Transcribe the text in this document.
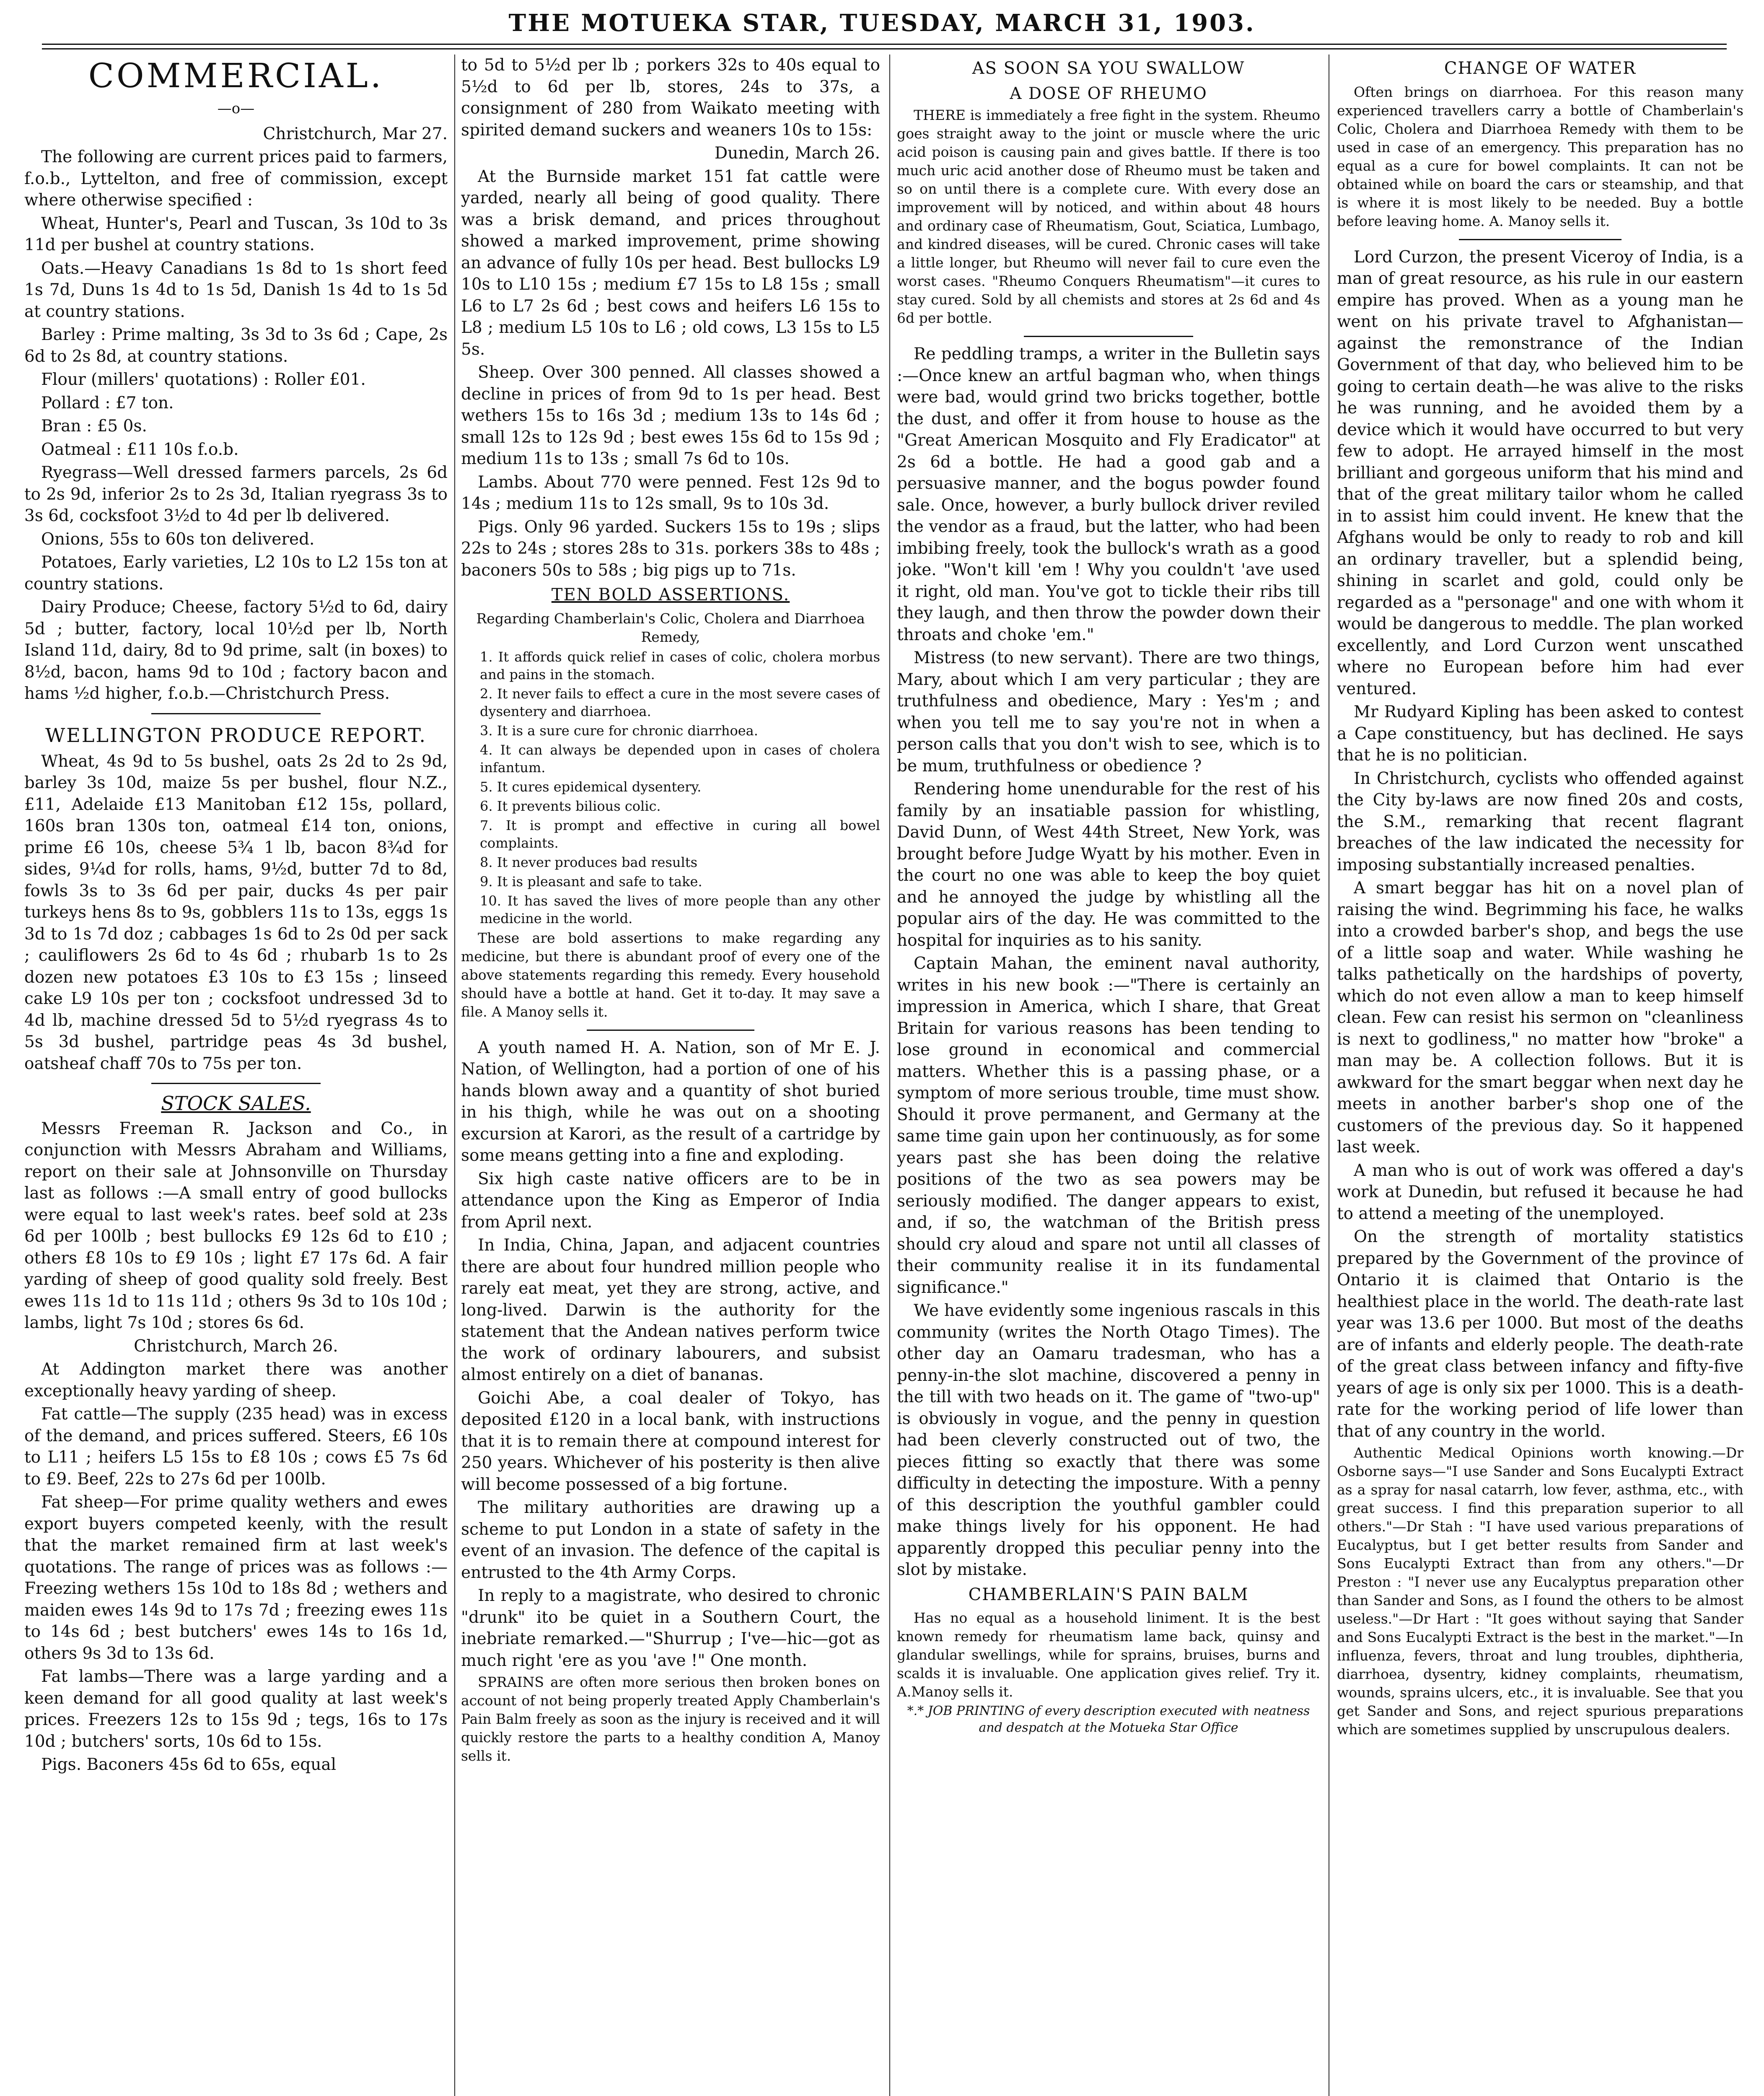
THE MOTUEKA STAR, TUESDAY, MARCH 31, 1903.
COMMERCIAL.
—o—

Christchurch, Mar 27.

The following are current prices paid to farmers, f.o.b., Lyttelton, and free of commission, except where otherwise specified :

Wheat, Hunter's, Pearl and Tuscan, 3s 10d to 3s 11d per bushel at country stations.

Oats.—Heavy Canadians 1s 8d to 1s short feed 1s 7d, Duns 1s 4d to 1s 5d, Danish 1s 4d to 1s 5d at country stations.

Barley : Prime malting, 3s 3d to 3s 6d ; Cape, 2s 6d to 2s 8d, at country stations.

Flour (millers' quotations) : Roller £01.

Pollard : £7 ton.

Bran : £5 0s.

Oatmeal : £11 10s f.o.b.

Ryegrass—Well dressed farmers parcels, 2s 6d to 2s 9d, inferior 2s to 2s 3d, Italian ryegrass 3s to 3s 6d, cocksfoot 3½d to 4d per lb delivered.

Onions, 55s to 60s ton delivered.

Potatoes, Early varieties, L2 10s to L2 15s ton at country stations.

Dairy Produce; Cheese, factory 5½d to 6d, dairy 5d ; butter, factory, local 10½d per lb, North Island 11d, dairy, 8d to 9d prime, salt (in boxes) to 8½d, bacon, hams 9d to 10d ; factory bacon and hams ½d higher, f.o.b.—Christchurch Press.

WELLINGTON PRODUCE REPORT.

Wheat, 4s 9d to 5s bushel, oats 2s 2d to 2s 9d, barley 3s 10d, maize 5s per bushel, flour N.Z., £11, Adelaide £13 Manitoban £12 15s, pollard, 160s bran 130s ton, oatmeal £14 ton, onions, prime £6 10s, cheese 5¾ 1 lb, bacon 8¾d for sides, 9¼d for rolls, hams, 9½d, butter 7d to 8d, fowls 3s to 3s 6d per pair, ducks 4s per pair turkeys hens 8s to 9s, gobblers 11s to 13s, eggs 1s 3d to 1s 7d doz ; cabbages 1s 6d to 2s 0d per sack ; cauliflowers 2s 6d to 4s 6d ; rhubarb 1s to 2s dozen new potatoes £3 10s to £3 15s ; linseed cake L9 10s per ton ; cocksfoot undressed 3d to 4d lb, machine dressed 5d to 5½d ryegrass 4s to 5s 3d bushel, partridge peas 4s 3d bushel, oatsheaf chaff 70s to 75s per ton.

STOCK SALES.

Messrs Freeman R. Jackson and Co., in conjunction with Messrs Abraham and Williams, report on their sale at Johnsonville on Thursday last as follows :—A small entry of good bullocks were equal to last week's rates. beef sold at 23s 6d per 100lb ; best bullocks £9 12s 6d to £10 ; others £8 10s to £9 10s ; light £7 17s 6d. A fair yarding of sheep of good quality sold freely. Best ewes 11s 1d to 11s 11d ; others 9s 3d to 10s 10d ; lambs, light 7s 10d ; stores 6s 6d.

Christchurch, March 26.

At Addington market there was another exceptionally heavy yarding of sheep.

Fat cattle—The supply (235 head) was in excess of the demand, and prices suffered. Steers, £6 10s to L11 ; heifers L5 15s to £8 10s ; cows £5 7s 6d to £9. Beef, 22s to 27s 6d per 100lb.

Fat sheep—For prime quality wethers and ewes export buyers competed keenly, with the result that the market remained firm at last week's quotations. The range of prices was as follows :—Freezing wethers 15s 10d to 18s 8d ; wethers and maiden ewes 14s 9d to 17s 7d ; freezing ewes 11s to 14s 6d ; best butchers' ewes 14s to 16s 1d, others 9s 3d to 13s 6d.

Fat lambs—There was a large yarding and a keen demand for all good quality at last week's prices. Freezers 12s to 15s 9d ; tegs, 16s to 17s 10d ; butchers' sorts, 10s 6d to 15s.

Pigs. Baconers 45s 6d to 65s, equal

to 5d to 5½d per lb ; porkers 32s to 40s equal to 5½d to 6d per lb, stores, 24s to 37s, a consignment of 280 from Waikato meeting with spirited demand suckers and weaners 10s to 15s:

Dunedin, March 26.

At the Burnside market 151 fat cattle were yarded, nearly all being of good quality. There was a brisk demand, and prices throughout showed a marked improvement, prime showing an advance of fully 10s per head. Best bullocks L9 10s to L10 15s ; medium £7 15s to L8 15s ; small L6 to L7 2s 6d ; best cows and heifers L6 15s to L8 ; medium L5 10s to L6 ; old cows, L3 15s to L5 5s.

Sheep. Over 300 penned. All classes showed a decline in prices of from 9d to 1s per head. Best wethers 15s to 16s 3d ; medium 13s to 14s 6d ; small 12s to 12s 9d ; best ewes 15s 6d to 15s 9d ; medium 11s to 13s ; small 7s 6d to 10s.

Lambs. About 770 were penned. Fest 12s 9d to 14s ; medium 11s to 12s small, 9s to 10s 3d.

Pigs. Only 96 yarded. Suckers 15s to 19s ; slips 22s to 24s ; stores 28s to 31s. porkers 38s to 48s ; baconers 50s to 58s ; big pigs up to 71s.

TEN BOLD ASSERTIONS.

Regarding Chamberlain's Colic, Cholera and Diarrhoea Remedy,

1. It affords quick relief in cases of colic, cholera morbus and pains in the stomach.

2. It never fails to effect a cure in the most severe cases of dysentery and diarrhoea.

3. It is a sure cure for chronic diarrhoea.

4. It can always be depended upon in cases of cholera infantum.

5. It cures epidemical dysentery.

6. It prevents bilious colic.

7. It is prompt and effective in curing all bowel complaints.

8. It never produces bad results

9. It is pleasant and safe to take.

10. It has saved the lives of more people than any other medicine in the world.

These are bold assertions to make regarding any medicine, but there is abundant proof of every one of the above statements regarding this remedy. Every household should have a bottle at hand. Get it to-day. It may save a file. A Manoy sells it.

A youth named H. A. Nation, son of Mr E. J. Nation, of Wellington, had a portion of one of his hands blown away and a quantity of shot buried in his thigh, while he was out on a shooting excursion at Karori, as the result of a cartridge by some means getting into a fine and exploding.

Six high caste native officers are to be in attendance upon the King as Emperor of India from April next.

In India, China, Japan, and adjacent countries there are about four hundred million people who rarely eat meat, yet they are strong, active, and long-lived. Darwin is the authority for the statement that the Andean natives perform twice the work of ordinary labourers, and subsist almost entirely on a diet of bananas.

Goichi Abe, a coal dealer of Tokyo, has deposited £120 in a local bank, with instructions that it is to remain there at compound interest for 250 years. Whichever of his posterity is then alive will become possessed of a big fortune.

The military authorities are drawing up a scheme to put London in a state of safety in the event of an invasion. The defence of the capital is entrusted to the 4th Army Corps.

In reply to a magistrate, who desired to chronic "drunk" ito be quiet in a Southern Court, the inebriate remarked.—"Shurrup ; I've—hic—got as much right 'ere as you 'ave !" One month.

SPRAINS are often more serious then broken bones on account of not being properly treated Apply Chamberlain's Pain Balm freely as soon as the injury is received and it will quickly restore the parts to a healthy condition A, Manoy sells it.

AS SOON SA YOU SWALLOW

A DOSE OF RHEUMO

THERE is immediately a free fight in the system. Rheumo goes straight away to the joint or muscle where the uric acid poison is causing pain and gives battle. If there is too much uric acid another dose of Rheumo must be taken and so on until there is a complete cure. With every dose an improvement will by noticed, and within about 48 hours and ordinary case of Rheumatism, Gout, Sciatica, Lumbago, and kindred diseases, will be cured. Chronic cases will take a little longer, but Rheumo will never fail to cure even the worst cases. "Rheumo Conquers Rheumatism"—it cures to stay cured. Sold by all chemists and stores at 2s 6d and 4s 6d per bottle.

Re peddling tramps, a writer in the Bulletin says :—Once knew an artful bagman who, when things were bad, would grind two bricks together, bottle the dust, and offer it from house to house as the "Great American Mosquito and Fly Eradicator" at 2s 6d a bottle. He had a good gab and a persuasive manner, and the bogus powder found sale. Once, however, a burly bullock driver reviled the vendor as a fraud, but the latter, who had been imbibing freely, took the bullock's wrath as a good joke. "Won't kill 'em ! Why you couldn't 'ave used it right, old man. You've got to tickle their ribs till they laugh, and then throw the powder down their throats and choke 'em."

Mistress (to new servant). There are two things, Mary, about which I am very particular ; they are truthfulness and obedience, Mary : Yes'm ; and when you tell me to say you're not in when a person calls that you don't wish to see, which is to be mum, truthfulness or obedience ?

Rendering home unendurable for the rest of his family by an insatiable passion for whistling, David Dunn, of West 44th Street, New York, was brought before Judge Wyatt by his mother. Even in the court no one was able to keep the boy quiet and he annoyed the judge by whistling all the popular airs of the day. He was committed to the hospital for inquiries as to his sanity.

Captain Mahan, the eminent naval authority, writes in his new book :—"There is certainly an impression in America, which I share, that Great Britain for various reasons has been tending to lose ground in economical and commercial matters. Whether this is a passing phase, or a symptom of more serious trouble, time must show. Should it prove permanent, and Germany at the same time gain upon her continuously, as for some years past she has been doing the relative positions of the two as sea powers may be seriously modified. The danger appears to exist, and, if so, the watchman of the British press should cry aloud and spare not until all classes of their community realise it in its fundamental significance."

We have evidently some ingenious rascals in this community (writes the North Otago Times). The other day an Oamaru tradesman, who has a penny-in-the slot machine, discovered a penny in the till with two heads on it. The game of "two-up" is obviously in vogue, and the penny in question had been cleverly constructed out of two, the pieces fitting so exactly that there was some difficulty in detecting the imposture. With a penny of this description the youthful gambler could make things lively for his opponent. He had apparently dropped this peculiar penny into the slot by mistake.

CHAMBERLAIN'S PAIN BALM

Has no equal as a household liniment. It is the best known remedy for rheumatism lame back, quinsy and glandular swellings, while for sprains, bruises, burns and scalds it is invaluable. One application gives relief. Try it. A.Manoy sells it.

*.* JOB PRINTING of every description executed with neatness and despatch at the Motueka Star Office

CHANGE OF WATER

Often brings on diarrhoea. For this reason many experienced travellers carry a bottle of Chamberlain's Colic, Cholera and Diarrhoea Remedy with them to be used in case of an emergency. This preparation has no equal as a cure for bowel complaints. It can not be obtained while on board the cars or steamship, and that is where it is most likely to be needed. Buy a bottle before leaving home. A. Manoy sells it.

Lord Curzon, the present Viceroy of India, is a man of great resource, as his rule in our eastern empire has proved. When as a young man he went on his private travel to Afghanistan—against the remonstrance of the Indian Government of that day, who believed him to be going to certain death—he was alive to the risks he was running, and he avoided them by a device which it would have occurred to but very few to adopt. He arrayed himself in the most brilliant and gorgeous uniform that his mind and that of the great military tailor whom he called in to assist him could invent. He knew that the Afghans would be only to ready to rob and kill an ordinary traveller, but a splendid being, shining in scarlet and gold, could only be regarded as a "personage" and one with whom it would be dangerous to meddle. The plan worked excellently, and Lord Curzon went unscathed where no European before him had ever ventured.

Mr Rudyard Kipling has been asked to contest a Cape constituency, but has declined. He says that he is no politician.

In Christchurch, cyclists who offended against the City by-laws are now fined 20s and costs, the S.M., remarking that recent flagrant breaches of the law indicated the necessity for imposing substantially increased penalties.

A smart beggar has hit on a novel plan of raising the wind. Begrimming his face, he walks into a crowded barber's shop, and begs the use of a little soap and water. While washing he talks pathetically on the hardships of poverty, which do not even allow a man to keep himself clean. Few can resist his sermon on "cleanliness is next to godliness," no matter how "broke" a man may be. A collection follows. But it is awkward for the smart beggar when next day he meets in another barber's shop one of the customers of the previous day. So it happened last week.

A man who is out of work was offered a day's work at Dunedin, but refused it because he had to attend a meeting of the unemployed.

On the strength of mortality statistics prepared by the Government of the province of Ontario it is claimed that Ontario is the healthiest place in the world. The death-rate last year was 13.6 per 1000. But most of the deaths are of infants and elderly people. The death-rate of the great class between infancy and fifty-five years of age is only six per 1000. This is a death-rate for the working period of life lower than that of any country in the world.

Authentic Medical Opinions worth knowing.—Dr Osborne says—"I use Sander and Sons Eucalypti Extract as a spray for nasal catarrh, low fever, asthma, etc., with great success. I find this preparation superior to all others."—Dr Stah : "I have used various preparations of Eucalyptus, but I get better results from Sander and Sons Eucalypti Extract than from any others."—Dr Preston : "I never use any Eucalyptus preparation other than Sander and Sons, as I found the others to be almost useless."—Dr Hart : "It goes without saying that Sander and Sons Eucalypti Extract is the best in the market."—In influenza, fevers, throat and lung troubles, diphtheria, diarrhoea, dysentry, kidney complaints, rheumatism, wounds, sprains ulcers, etc., it is invaluable. See that you get Sander and Sons, and reject spurious preparations which are sometimes supplied by unscrupulous dealers.
